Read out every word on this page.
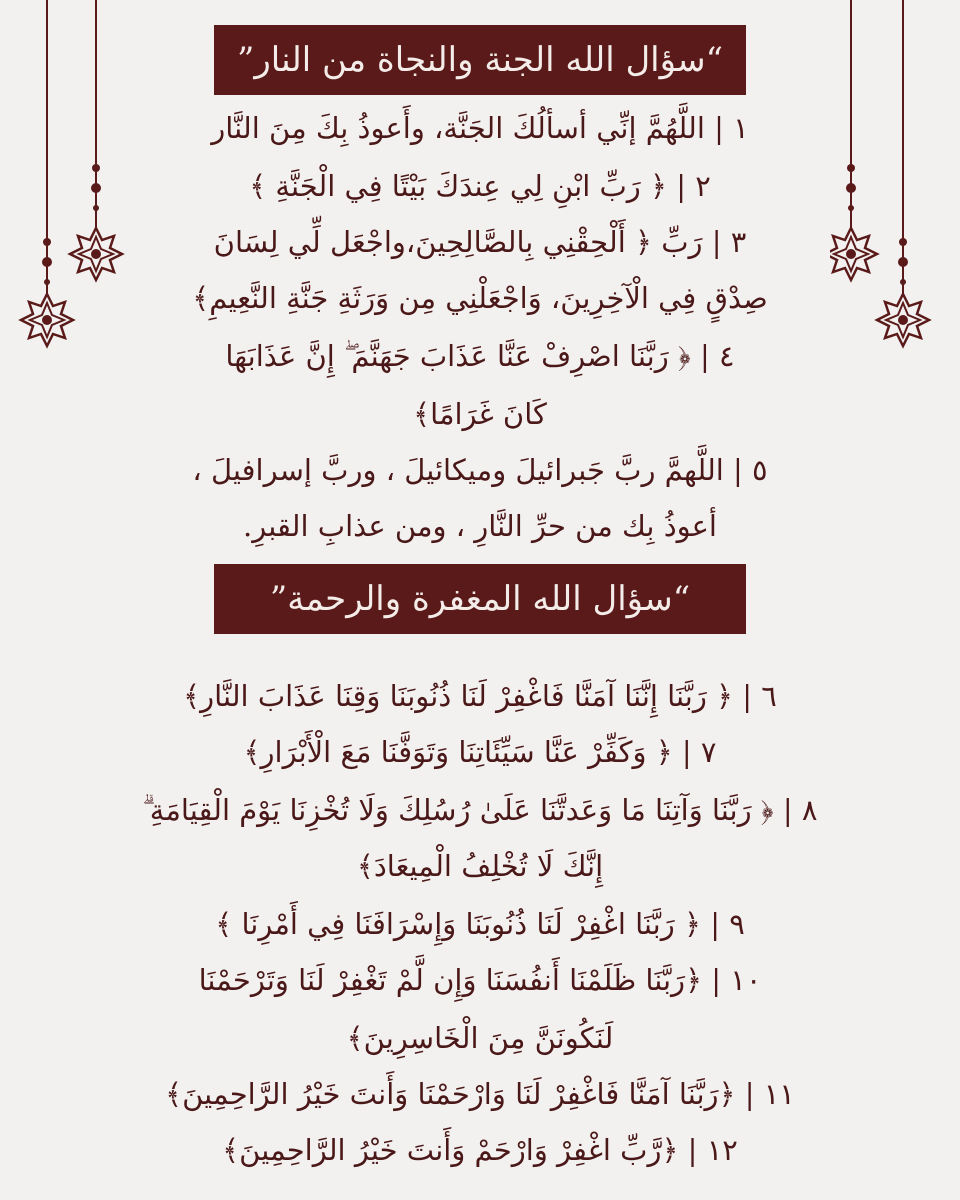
“سؤال الله الجنة والنجاة من النار”
١ | اللَّهُمَّ إنِّي أسألُكَ الجَنَّة، وأَعوذُ بِكَ مِنَ النَّار
٢ | ﴿ رَبِّ ابْنِ لِي عِندَكَ بَيْتًا فِي الْجَنَّةِ ﴾
٣ | رَبِّ ﴿ أَلْحِقْنِي بِالصَّالِحِينَ،واجْعَل لِّي لِسَانَ
صِدْقٍ فِي الْآخِرِينَ، وَاجْعَلْنِي مِن وَرَثَةِ جَنَّةِ النَّعِيمِ﴾
٤ | ﴿ رَبَّنَا اصْرِفْ عَنَّا عَذَابَ جَهَنَّمَ ۖ إِنَّ عَذَابَهَا
كَانَ غَرَامًا﴾
٥ | اللَّهمَّ ربَّ جَبرائيلَ وميكائيلَ ، وربَّ إسرافيلَ ،
أعوذُ بِك من حرِّ النَّارِ ، ومن عذابِ القبرِ.
“سؤال الله المغفرة والرحمة”
٦ | ﴿ رَبَّنَا إِنَّنَا آمَنَّا فَاغْفِرْ لَنَا ذُنُوبَنَا وَقِنَا عَذَابَ النَّارِ﴾
٧ | ﴿ وَكَفِّرْ عَنَّا سَيِّئَاتِنَا وَتَوَفَّنَا مَعَ الْأَبْرَارِ﴾
٨ | ﴿ رَبَّنَا وَآتِنَا مَا وَعَدتَّنَا عَلَىٰ رُسُلِكَ وَلَا تُخْزِنَا يَوْمَ الْقِيَامَةِ ۗ
إِنَّكَ لَا تُخْلِفُ الْمِيعَادَ﴾
٩ | ﴿ رَبَّنَا اغْفِرْ لَنَا ذُنُوبَنَا وَإِسْرَافَنَا فِي أَمْرِنَا ﴾
١٠ | ﴿رَبَّنَا ظَلَمْنَا أَنفُسَنَا وَإِن لَّمْ تَغْفِرْ لَنَا وَتَرْحَمْنَا
لَنَكُونَنَّ مِنَ الْخَاسِرِينَ﴾
١١ | ﴿رَبَّنَا آمَنَّا فَاغْفِرْ لَنَا وَارْحَمْنَا وَأَنتَ خَيْرُ الرَّاحِمِينَ﴾
١٢ | ﴿رَّبِّ اغْفِرْ وَارْحَمْ وَأَنتَ خَيْرُ الرَّاحِمِينَ﴾
